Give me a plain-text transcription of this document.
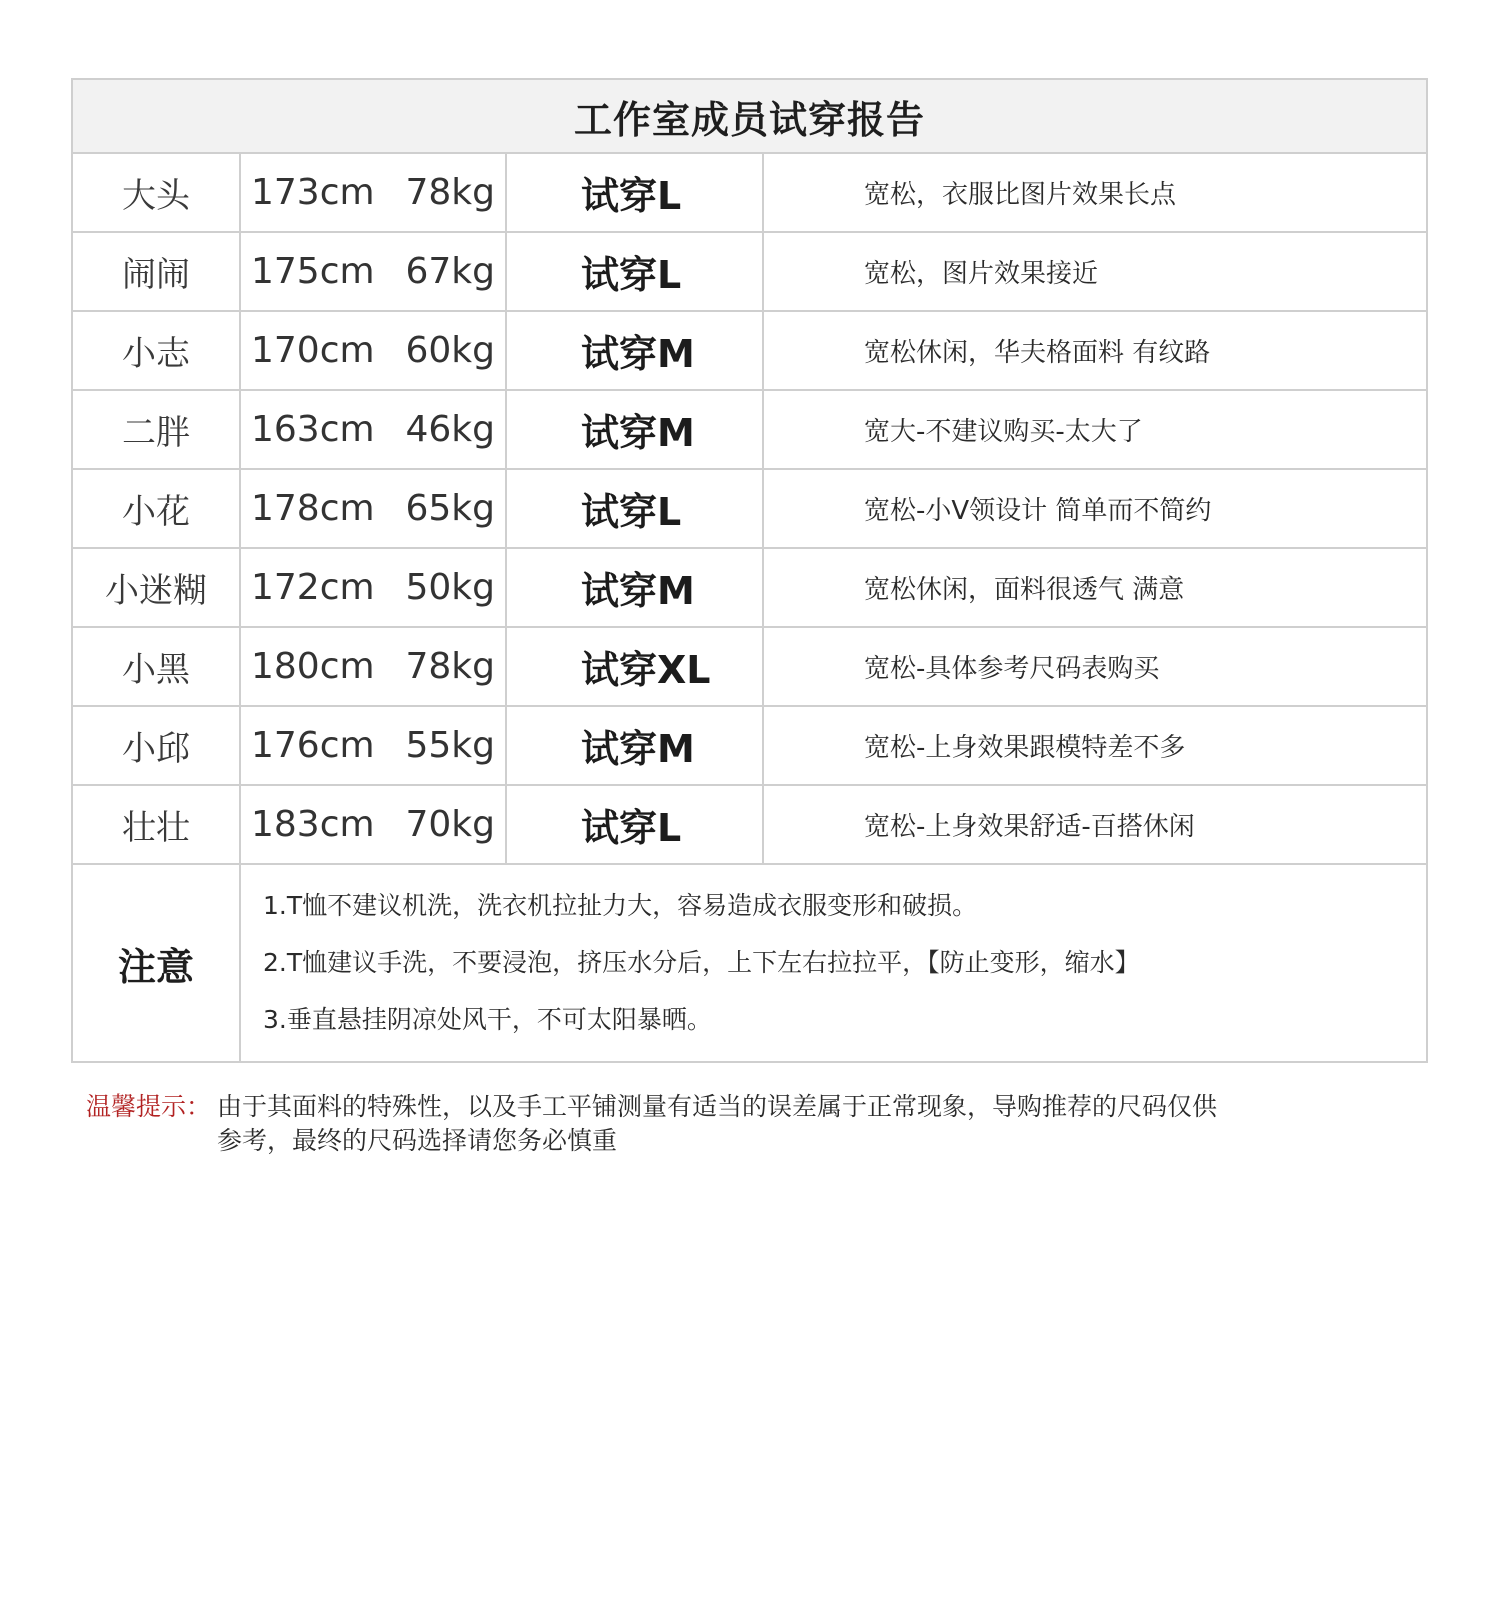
工作室成员试穿报告
大头	173cm 78kg	试穿L	宽松，衣服比图片效果长点
闹闹	175cm 67kg	试穿L	宽松，图片效果接近
小志	170cm 60kg	试穿M	宽松休闲，华夫格面料 有纹路
二胖	163cm 46kg	试穿M	宽大-不建议购买-太大了
小花	178cm 65kg	试穿L	宽松-小V领设计 简单而不简约
小迷糊	172cm 50kg	试穿M	宽松休闲，面料很透气 满意
小黑	180cm 78kg	试穿XL	宽松-具体参考尺码表购买
小邱	176cm 55kg	试穿M	宽松-上身效果跟模特差不多
壮壮	183cm 70kg	试穿L	宽松-上身效果舒适-百搭休闲
注意
1.T恤不建议机洗，洗衣机拉扯力大，容易造成衣服变形和破损。
2.T恤建议手洗，不要浸泡，挤压水分后，上下左右拉拉平，【防止变形，缩水】
3.垂直悬挂阴凉处风干，不可太阳暴晒。
温馨提示： 由于其面料的特殊性，以及手工平铺测量有适当的误差属于正常现象，导购推荐的尺码仅供参考，最终的尺码选择请您务必慎重
